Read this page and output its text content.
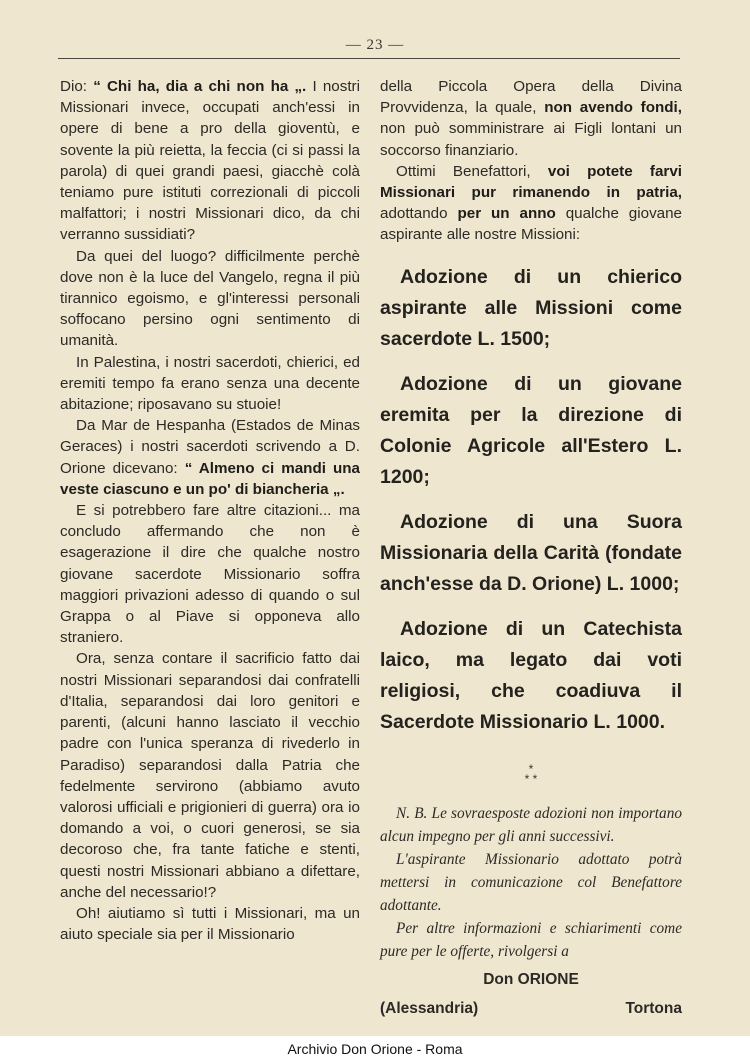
— 23 —

Dio: “ Chi ha, dia a chi non ha „. I nostri Missionari invece, occupati anch'essi in opere di bene a pro della gioventù, e sovente la più reietta, la feccia (ci si passi la parola) di quei grandi paesi, giacchè colà teniamo pure istituti correzionali di piccoli malfattori; i nostri Missionari dico, da chi verranno sussidiati?

Da quei del luogo? difficilmente perchè dove non è la luce del Vangelo, regna il più tirannico egoismo, e gl'interessi personali soffocano persino ogni sentimento di umanità.

In Palestina, i nostri sacerdoti, chierici, ed eremiti tempo fa erano senza una decente abitazione; riposavano su stuoie!

Da Mar de Hespanha (Estados de Minas Geraces) i nostri sacerdoti scrivendo a D. Orione dicevano: “ Almeno ci mandi una veste ciascuno e un po' di biancheria „.

E si potrebbero fare altre citazioni... ma concludo affermando che non è esagerazione il dire che qualche nostro giovane sacerdote Missionario soffra maggiori privazioni adesso di quando o sul Grappa o al Piave si opponeva allo straniero.

Ora, senza contare il sacrificio fatto dai nostri Missionari separandosi dai confratelli d'Italia, separandosi dai loro genitori e parenti, (alcuni hanno lasciato il vecchio padre con l'unica speranza di rivederlo in Paradiso) separandosi dalla Patria che fedelmente servirono (abbiamo avuto valorosi ufficiali e prigionieri di guerra) ora io domando a voi, o cuori generosi, se sia decoroso che, fra tante fatiche e stenti, questi nostri Missionari abbiano a difettare, anche del necessario!?

Oh! aiutiamo sì tutti i Missionari, ma un aiuto speciale sia per il Missionario

della Piccola Opera della Divina Provvidenza, la quale, non avendo fondi, non può somministrare ai Figli lontani un soccorso finanziario.

Ottimi Benefattori, voi potete farvi Missionari pur rimanendo in patria, adottando per un anno qualche giovane aspirante alle nostre Missioni:

Adozione di un chierico aspirante alle Missioni come sacerdote L. 1500;

Adozione di un giovane eremita per la direzione di Colonie Agricole all'Estero L. 1200;

Adozione di una Suora Missionaria della Carità (fondate anch'esse da D. Orione) L. 1000;

Adozione di un Catechista laico, ma legato dai voti religiosi, che coadiuva il Sacerdote Missionario L. 1000.

*
* *

N. B. Le sovraesposte adozioni non importano alcun impegno per gli anni successivi.

L'aspirante Missionario adottato potrà mettersi in comunicazione col Benefattore adottante.

Per altre informazioni e schiarimenti come pure per le offerte, rivolgersi a

Don ORIONE

(Alessandria)	Tortona

Archivio Don Orione - Roma
